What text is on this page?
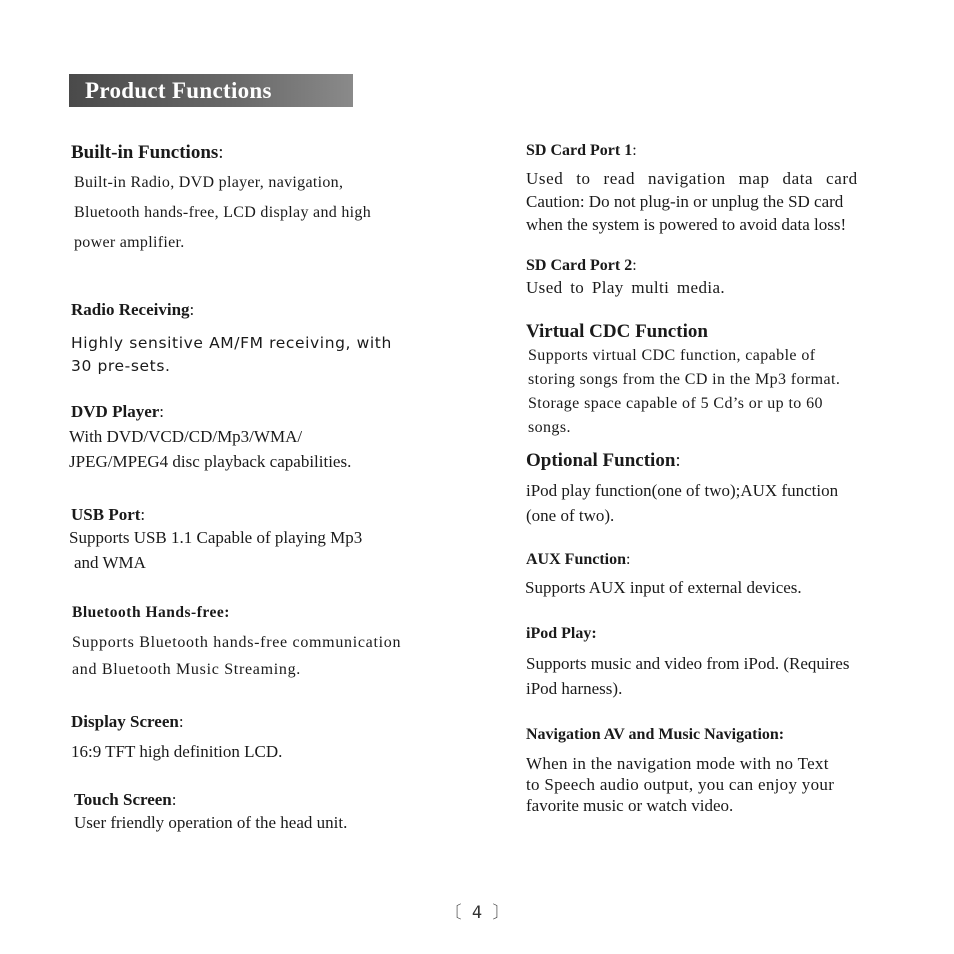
Product Functions
Built-in Functions:
Built-in Radio, DVD player, navigation,
Bluetooth hands-free, LCD display and high
power amplifier.
Radio Receiving:
Highly sensitive AM/FM receiving, with
30 pre-sets.
DVD Player:
With DVD/VCD/CD/Mp3/WMA/
JPEG/MPEG4 disc playback capabilities.
USB Port:
Supports USB 1.1 Capable of playing Mp3
and WMA
Bluetooth Hands-free:
Supports Bluetooth hands-free communication
and Bluetooth Music Streaming.
Display Screen:
16:9 TFT high definition LCD.
Touch Screen:
User friendly operation of the head unit.
SD Card Port 1:
Used to read navigation map data card
Caution: Do not plug-in or unplug the SD card
when the system is powered to avoid data loss!
SD Card Port 2:
Used to Play multi media.
Virtual CDC Function
Supports virtual CDC function, capable of
storing songs from the CD in the Mp3 format.
Storage space capable of 5 Cd’s or up to 60
songs.
Optional Function:
iPod play function(one of two);AUX function
(one of two).
AUX Function:
Supports AUX input of external devices.
iPod Play:
Supports music and video from iPod. (Requires
iPod harness).
Navigation AV and Music Navigation:
When in the navigation mode with no Text
to Speech audio output, you can enjoy your
favorite music or watch video.
〔 4 〕
